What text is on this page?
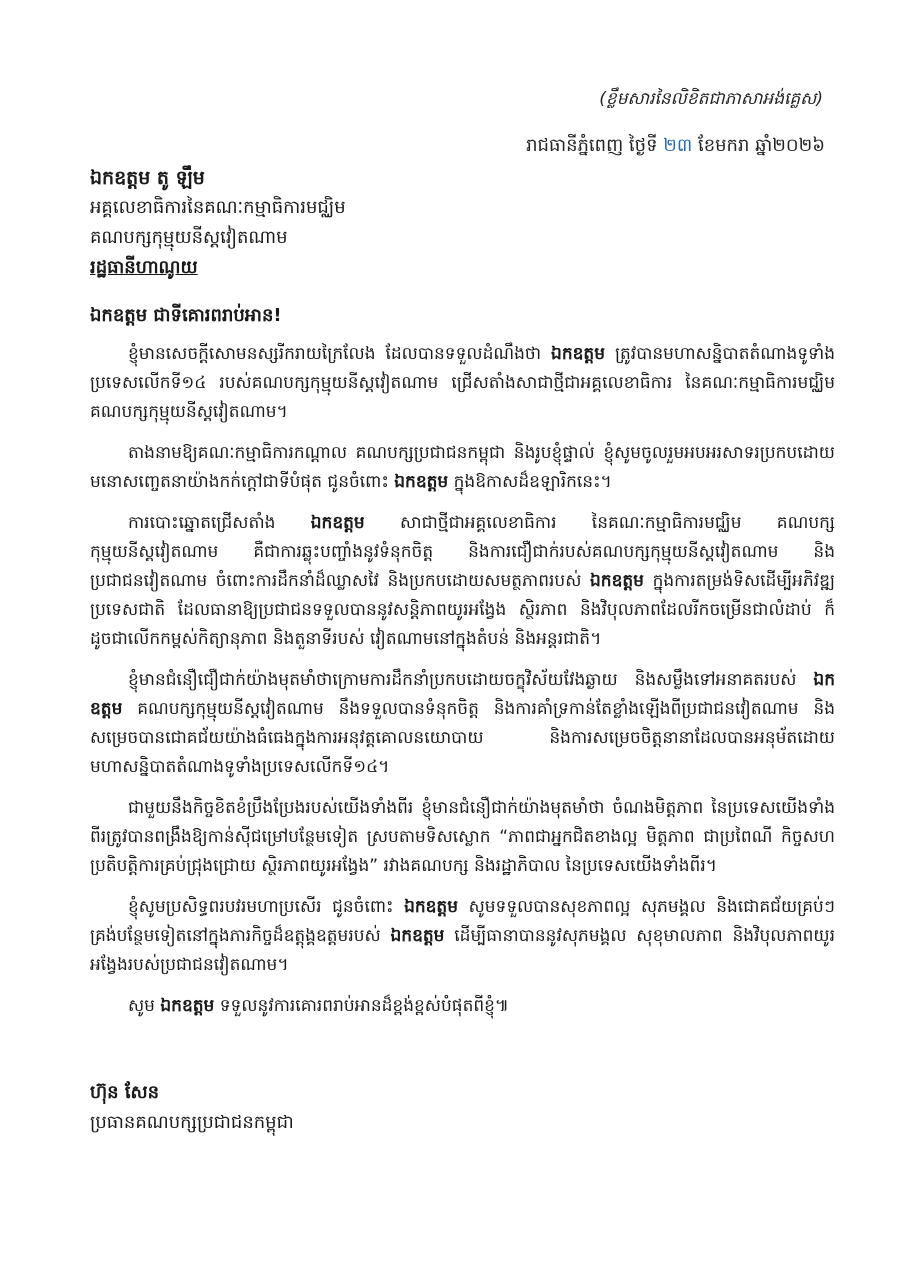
(ខ្លឹមសារនៃលិខិតជាភាសាអង់គ្លេស)
រាជធានីភ្នំពេញ ថ្ងៃទី ២៣ ខែមករា ឆ្នាំ២០២៦
ឯកឧត្តម តូ ឡឹម
អគ្គលេខាធិការនៃគណៈកម្មាធិការមជ្ឈិម
គណបក្សកុម្មុយនីស្តវៀតណាម
រដ្ឋធានីហាណូយ
ឯកឧត្តម ជាទីគោរពរាប់អាន!

ខ្ញុំមានសេចក្តីសោមនស្សរីករាយក្រៃលែង ដែលបានទទួលដំណឹងថា ឯកឧត្តម ត្រូវបានមហាសន្និបាតតំណាងទូទាំងប្រទេសលើកទី១៤ របស់គណបក្សកុម្មុយនីស្តវៀតណាម ជ្រើសតាំងសាជាថ្មីជាអគ្គលេខាធិការ នៃគណៈកម្មាធិការមជ្ឈិម គណបក្សកុម្មុយនីស្តវៀតណាម។

តាងនាមឱ្យគណៈកម្មាធិការកណ្តាល គណបក្សប្រជាជនកម្ពុជា និងរូបខ្ញុំផ្ទាល់ ខ្ញុំសូមចូលរួមអបអរសាទរប្រកបដោយមនោសញ្ចេតនាយ៉ាងកក់ក្តៅជាទីបំផុត ជូនចំពោះ ឯកឧត្តម ក្នុងឱកាសដ៏ឧឡារិកនេះ។

ការបោះឆ្នោតជ្រើសតាំង ឯកឧត្តម សាជាថ្មីជាអគ្គលេខាធិការ នៃគណៈកម្មាធិការមជ្ឈិម គណបក្សកុម្មុយនីស្តវៀតណាម គឺជាការឆ្លុះបញ្ចាំងនូវទំនុកចិត្ត និងការជឿជាក់របស់គណបក្សកុម្មុយនីស្តវៀតណាម និងប្រជាជនវៀតណាម ចំពោះការដឹកនាំដ៏ឈ្លាសវៃ និងប្រកបដោយសមត្ថភាពរបស់ ឯកឧត្តម ក្នុងការតម្រង់ទិសដើម្បីអភិវឌ្ឍប្រទេសជាតិ ដែលធានាឱ្យប្រជាជនទទួលបាននូវសន្តិភាពយូរអង្វែង ស្ថិរភាព និងវិបុលភាពដែលរីកចម្រើនជាលំដាប់ ក៏ដូចជាលើកកម្ពស់កិត្យានុភាព និងតួនាទីរបស់ វៀតណាមនៅក្នុងតំបន់ និងអន្តរជាតិ។

ខ្ញុំមានជំនឿជឿជាក់យ៉ាងមុតមាំថាក្រោមការដឹកនាំប្រកបដោយចក្ខុវិស័យវែងឆ្ងាយ និងសម្លឹងទៅអនាគតរបស់ ឯកឧត្តម គណបក្សកុម្មុយនីស្តវៀតណាម នឹងទទួលបានទំនុកចិត្ត និងការគាំទ្រកាន់តែខ្លាំងឡើងពីប្រជាជនវៀតណាម និងសម្រេចបានជោគជ័យយ៉ាងធំធេងក្នុងការអនុវត្តគោលនយោបាយ និងការសម្រេចចិត្តនានាដែលបានអនុម័តដោយមហាសន្និបាតតំណាងទូទាំងប្រទេសលើកទី១៤។

ជាមួយនឹងកិច្ចខិតខំប្រឹងប្រែងរបស់យើងទាំងពីរ ខ្ញុំមានជំនឿជាក់យ៉ាងមុតមាំថា ចំណងមិត្តភាព នៃប្រទេសយើងទាំងពីរត្រូវបានពង្រឹងឱ្យកាន់ស៊ីជម្រៅបន្ថែមទៀត ស្របតាមទិសស្លោក “ភាពជាអ្នកជិតខាងល្អ មិត្តភាព ជាប្រពៃណី កិច្ចសហប្រតិបត្តិការគ្រប់ជ្រុងជ្រោយ ស្ថិរភាពយូរអង្វែង” រវាងគណបក្ស និងរដ្ឋាភិបាល នៃប្រទេសយើងទាំងពីរ។

ខ្ញុំសូមប្រសិទ្ធពរបវរមហាប្រសើរ ជូនចំពោះ ឯកឧត្តម សូមទទួលបានសុខភាពល្អ សុភមង្គល និងជោគជ័យគ្រប់ៗគ្រង់បន្ថែមទៀតនៅក្នុងភារកិច្ចដ៏ឧត្តុង្គឧត្តមរបស់ ឯកឧត្តម ដើម្បីធានាបាននូវសុភមង្គល សុខុមាលភាព និងវិបុលភាពយូរអង្វែងរបស់ប្រជាជនវៀតណាម។

សូម ឯកឧត្តម ទទួលនូវការគោរពរាប់អានដ៏ខ្ពង់ខ្ពស់បំផុតពីខ្ញុំ៕

ហ៊ុន សែន
ប្រធានគណបក្សប្រជាជនកម្ពុជា
